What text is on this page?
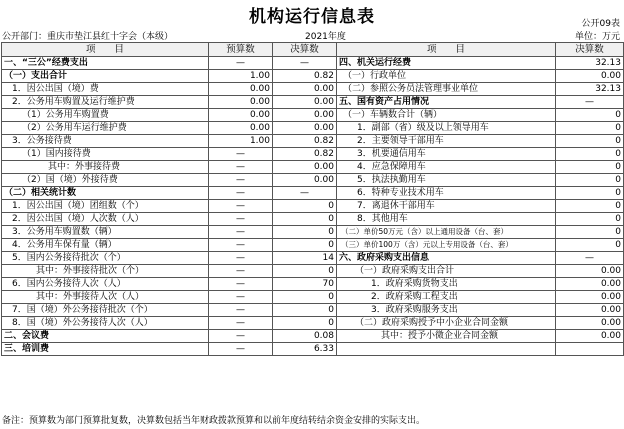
机构运行信息表	公开09表
公开部门：重庆市垫江县红十字会（本级）	2021年度	单位：万元
项　　目	预算数	决算数	项　　目	决算数
一、“三公”经费支出	—	—	四、机关运行经费	32.13
（一）支出合计	1.00	0.82	（一）行政单位	0.00
1．因公出国（境）费	0.00	0.00	（二）参照公务员法管理事业单位	32.13
2．公务用车购置及运行维护费	0.00	0.00	五、国有资产占用情况	—
（1）公务用车购置费	0.00	0.00	（一）车辆数合计（辆）	0
（2）公务用车运行维护费	0.00	0.00	1．副部（省）级及以上领导用车	0
3．公务接待费	1.00	0.82	2．主要领导干部用车	0
（1）国内接待费	—	0.82	3．机要通信用车	0
其中：外事接待费	—	0.00	4．应急保障用车	0
（2）国（境）外接待费	—	0.00	5．执法执勤用车	0
（二）相关统计数	—	—	6．特种专业技术用车	0
1．因公出国（境）团组数（个）	—	0	7．离退休干部用车	0
2．因公出国（境）人次数（人）	—	0	8．其他用车	0
3．公务用车购置数（辆）	—	0	（二）单价50万元（含）以上通用设备（台、套）	0
4．公务用车保有量（辆）	—	0	（三）单价100万（含）元以上专用设备（台、套）	0
5．国内公务接待批次（个）	—	14	六、政府采购支出信息	—
其中：外事接待批次（个）	—	0	（一）政府采购支出合计	0.00
6．国内公务接待人次（人）	—	70	1．政府采购货物支出	0.00
其中：外事接待人次（人）	—	0	2．政府采购工程支出	0.00
7．国（境）外公务接待批次（个）	—	0	3．政府采购服务支出	0.00
8．国（境）外公务接待人次（人）	—	0	（二）政府采购授予中小企业合同金额	0.00
二、会议费	—	0.08	其中：授予小微企业合同金额	0.00
三、培训费	—	6.33		
备注：预算数为部门预算批复数，决算数包括当年财政拨款预算和以前年度结转结余资金安排的实际支出。
